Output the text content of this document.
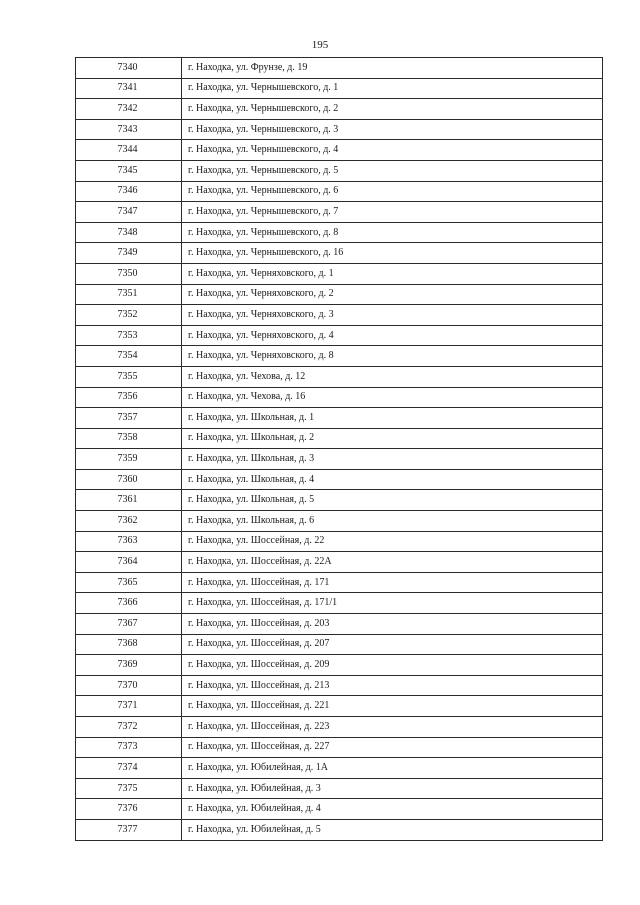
195
7340	г. Находка, ул. Фрунзе, д. 19
7341	г. Находка, ул. Чернышевского, д. 1
7342	г. Находка, ул. Чернышевского, д. 2
7343	г. Находка, ул. Чернышевского, д. 3
7344	г. Находка, ул. Чернышевского, д. 4
7345	г. Находка, ул. Чернышевского, д. 5
7346	г. Находка, ул. Чернышевского, д. 6
7347	г. Находка, ул. Чернышевского, д. 7
7348	г. Находка, ул. Чернышевского, д. 8
7349	г. Находка, ул. Чернышевского, д. 16
7350	г. Находка, ул. Черняховского, д. 1
7351	г. Находка, ул. Черняховского, д. 2
7352	г. Находка, ул. Черняховского, д. 3
7353	г. Находка, ул. Черняховского, д. 4
7354	г. Находка, ул. Черняховского, д. 8
7355	г. Находка, ул. Чехова, д. 12
7356	г. Находка, ул. Чехова, д. 16
7357	г. Находка, ул. Школьная, д. 1
7358	г. Находка, ул. Школьная, д. 2
7359	г. Находка, ул. Школьная, д. 3
7360	г. Находка, ул. Школьная, д. 4
7361	г. Находка, ул. Школьная, д. 5
7362	г. Находка, ул. Школьная, д. 6
7363	г. Находка, ул. Шоссейная, д. 22
7364	г. Находка, ул. Шоссейная, д. 22А
7365	г. Находка, ул. Шоссейная, д. 171
7366	г. Находка, ул. Шоссейная, д. 171/1
7367	г. Находка, ул. Шоссейная, д. 203
7368	г. Находка, ул. Шоссейная, д. 207
7369	г. Находка, ул. Шоссейная, д. 209
7370	г. Находка, ул. Шоссейная, д. 213
7371	г. Находка, ул. Шоссейная, д. 221
7372	г. Находка, ул. Шоссейная, д. 223
7373	г. Находка, ул. Шоссейная, д. 227
7374	г. Находка, ул. Юбилейная, д. 1А
7375	г. Находка, ул. Юбилейная, д. 3
7376	г. Находка, ул. Юбилейная, д. 4
7377	г. Находка, ул. Юбилейная, д. 5
